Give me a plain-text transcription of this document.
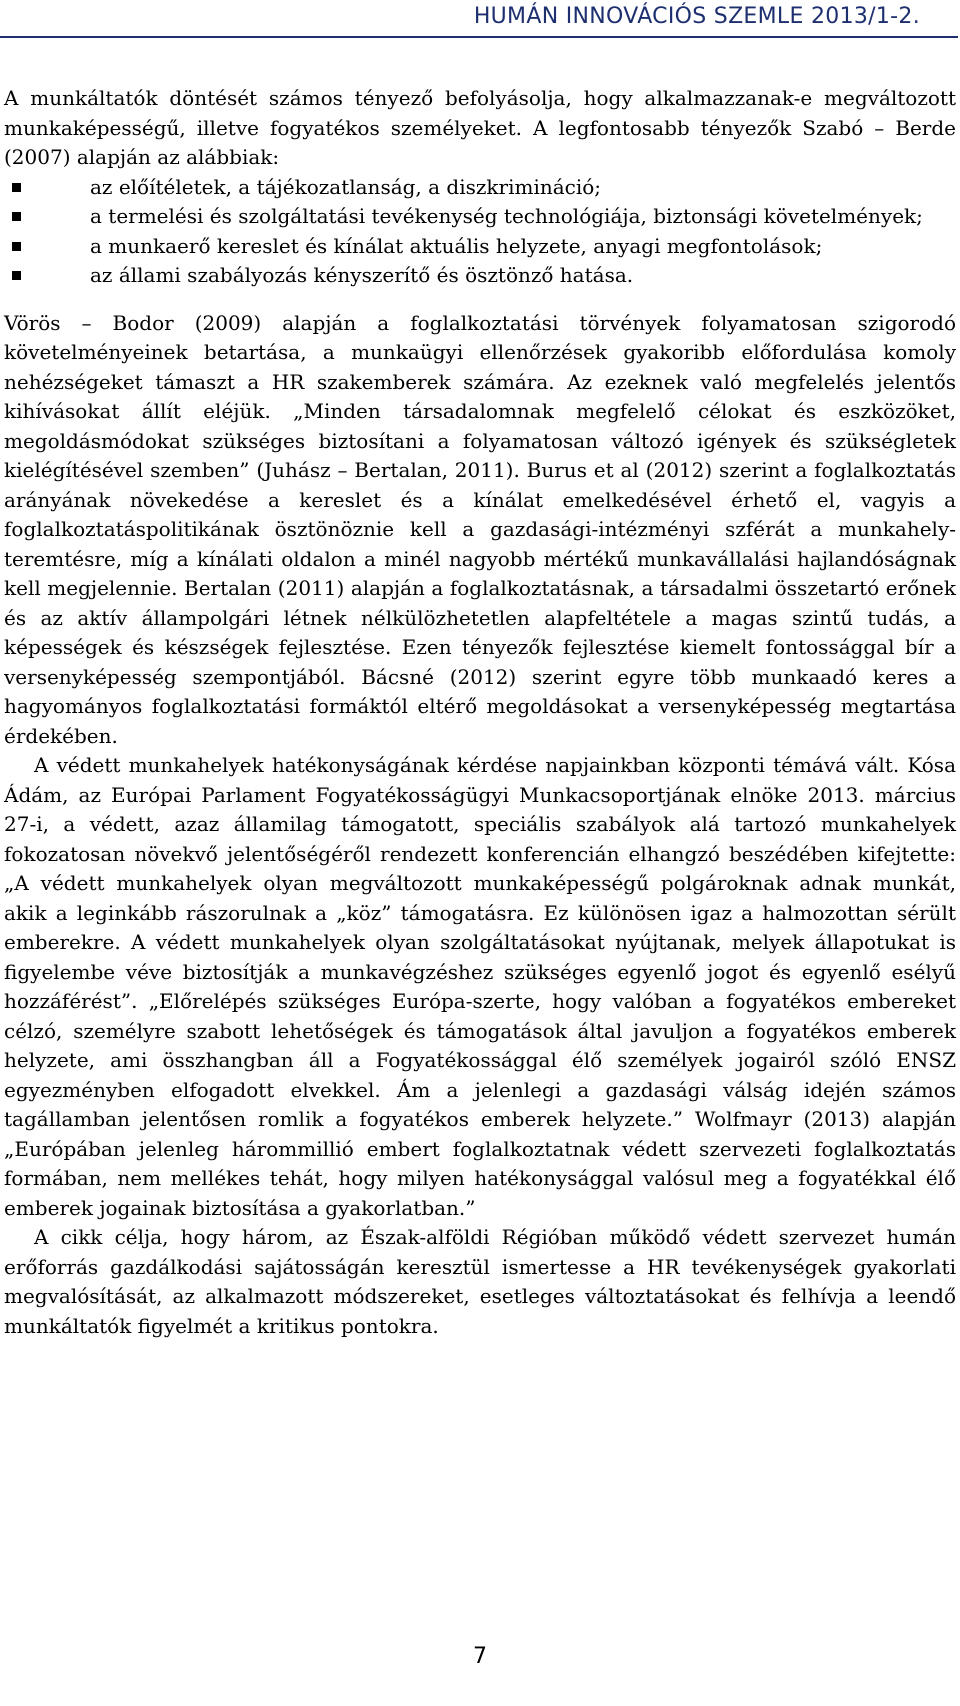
HUMÁN INNOVÁCIÓS SZEMLE 2013/1-2.

A munkáltatók döntését számos tényező befolyásolja, hogy alkalmazzanak-e megváltozott munkaképességű, illetve fogyatékos személyeket. A legfontosabb tényezők Szabó – Berde (2007) alapján az alábbiak:

az előítéletek, a tájékozatlanság, a diszkrimináció;
a termelési és szolgáltatási tevékenység technológiája, biztonsági követelmények;
a munkaerő kereslet és kínálat aktuális helyzete, anyagi megfontolások;
az állami szabályozás kényszerítő és ösztönző hatása.

Vörös – Bodor (2009) alapján a foglalkoztatási törvények folyamatosan szigorodó követelményeinek betartása, a munkaügyi ellenőrzések gyakoribb előfordulása komoly nehézségeket támaszt a HR szakemberek számára. Az ezeknek való megfelelés jelentős kihívásokat állít eléjük. „Minden társadalomnak megfelelő célokat és eszközöket, megoldásmódokat szükséges biztosítani a folyamatosan változó igények és szükségletek kielégítésével szemben” (Juhász – Bertalan, 2011). Burus et al (2012) szerint a foglalkoztatás arányának növekedése a kereslet és a kínálat emelkedésével érhető el, vagyis a foglalkoztatáspolitikának ösztönöznie kell a gazdasági-intézményi szférát a munkahely-teremtésre, míg a kínálati oldalon a minél nagyobb mértékű munkavállalási hajlandóságnak kell megjelennie. Bertalan (2011) alapján a foglalkoztatásnak, a társadalmi összetartó erőnek és az aktív állampolgári létnek nélkülözhetetlen alapfeltétele a magas szintű tudás, a képességek és készségek fejlesztése. Ezen tényezők fejlesztése kiemelt fontossággal bír a versenyképesség szempontjából. Bácsné (2012) szerint egyre több munkaadó keres a hagyományos foglalkoztatási formáktól eltérő megoldásokat a versenyképesség megtartása érdekében.

A védett munkahelyek hatékonyságának kérdése napjainkban központi témává vált. Kósa Ádám, az Európai Parlament Fogyatékosságügyi Munkacsoportjának elnöke 2013. március 27-i, a védett, azaz államilag támogatott, speciális szabályok alá tartozó munkahelyek fokozatosan növekvő jelentőségéről rendezett konferencián elhangzó beszédében kifejtette: „A védett munkahelyek olyan megváltozott munkaképességű polgároknak adnak munkát, akik a leginkább rászorulnak a „köz” támogatásra. Ez különösen igaz a halmozottan sérült emberekre. A védett munkahelyek olyan szolgáltatásokat nyújtanak, melyek állapotukat is figyelembe véve biztosítják a munkavégzéshez szükséges egyenlő jogot és egyenlő esélyű hozzáférést”. „Előrelépés szükséges Európa-szerte, hogy valóban a fogyatékos embereket célzó, személyre szabott lehetőségek és támogatások által javuljon a fogyatékos emberek helyzete, ami összhangban áll a Fogyatékossággal élő személyek jogairól szóló ENSZ egyezményben elfogadott elvekkel. Ám a jelenlegi a gazdasági válság idején számos tagállamban jelentősen romlik a fogyatékos emberek helyzete.” Wolfmayr (2013) alapján „Európában jelenleg hárommillió embert foglalkoztatnak védett szervezeti foglalkoztatás formában, nem mellékes tehát, hogy milyen hatékonysággal valósul meg a fogyatékkal élő emberek jogainak biztosítása a gyakorlatban.”

A cikk célja, hogy három, az Észak-alföldi Régióban működő védett szervezet humán erőforrás gazdálkodási sajátosságán keresztül ismertesse a HR tevékenységek gyakorlati megvalósítását, az alkalmazott módszereket, esetleges változtatásokat és felhívja a leendő munkáltatók figyelmét a kritikus pontokra.

7
